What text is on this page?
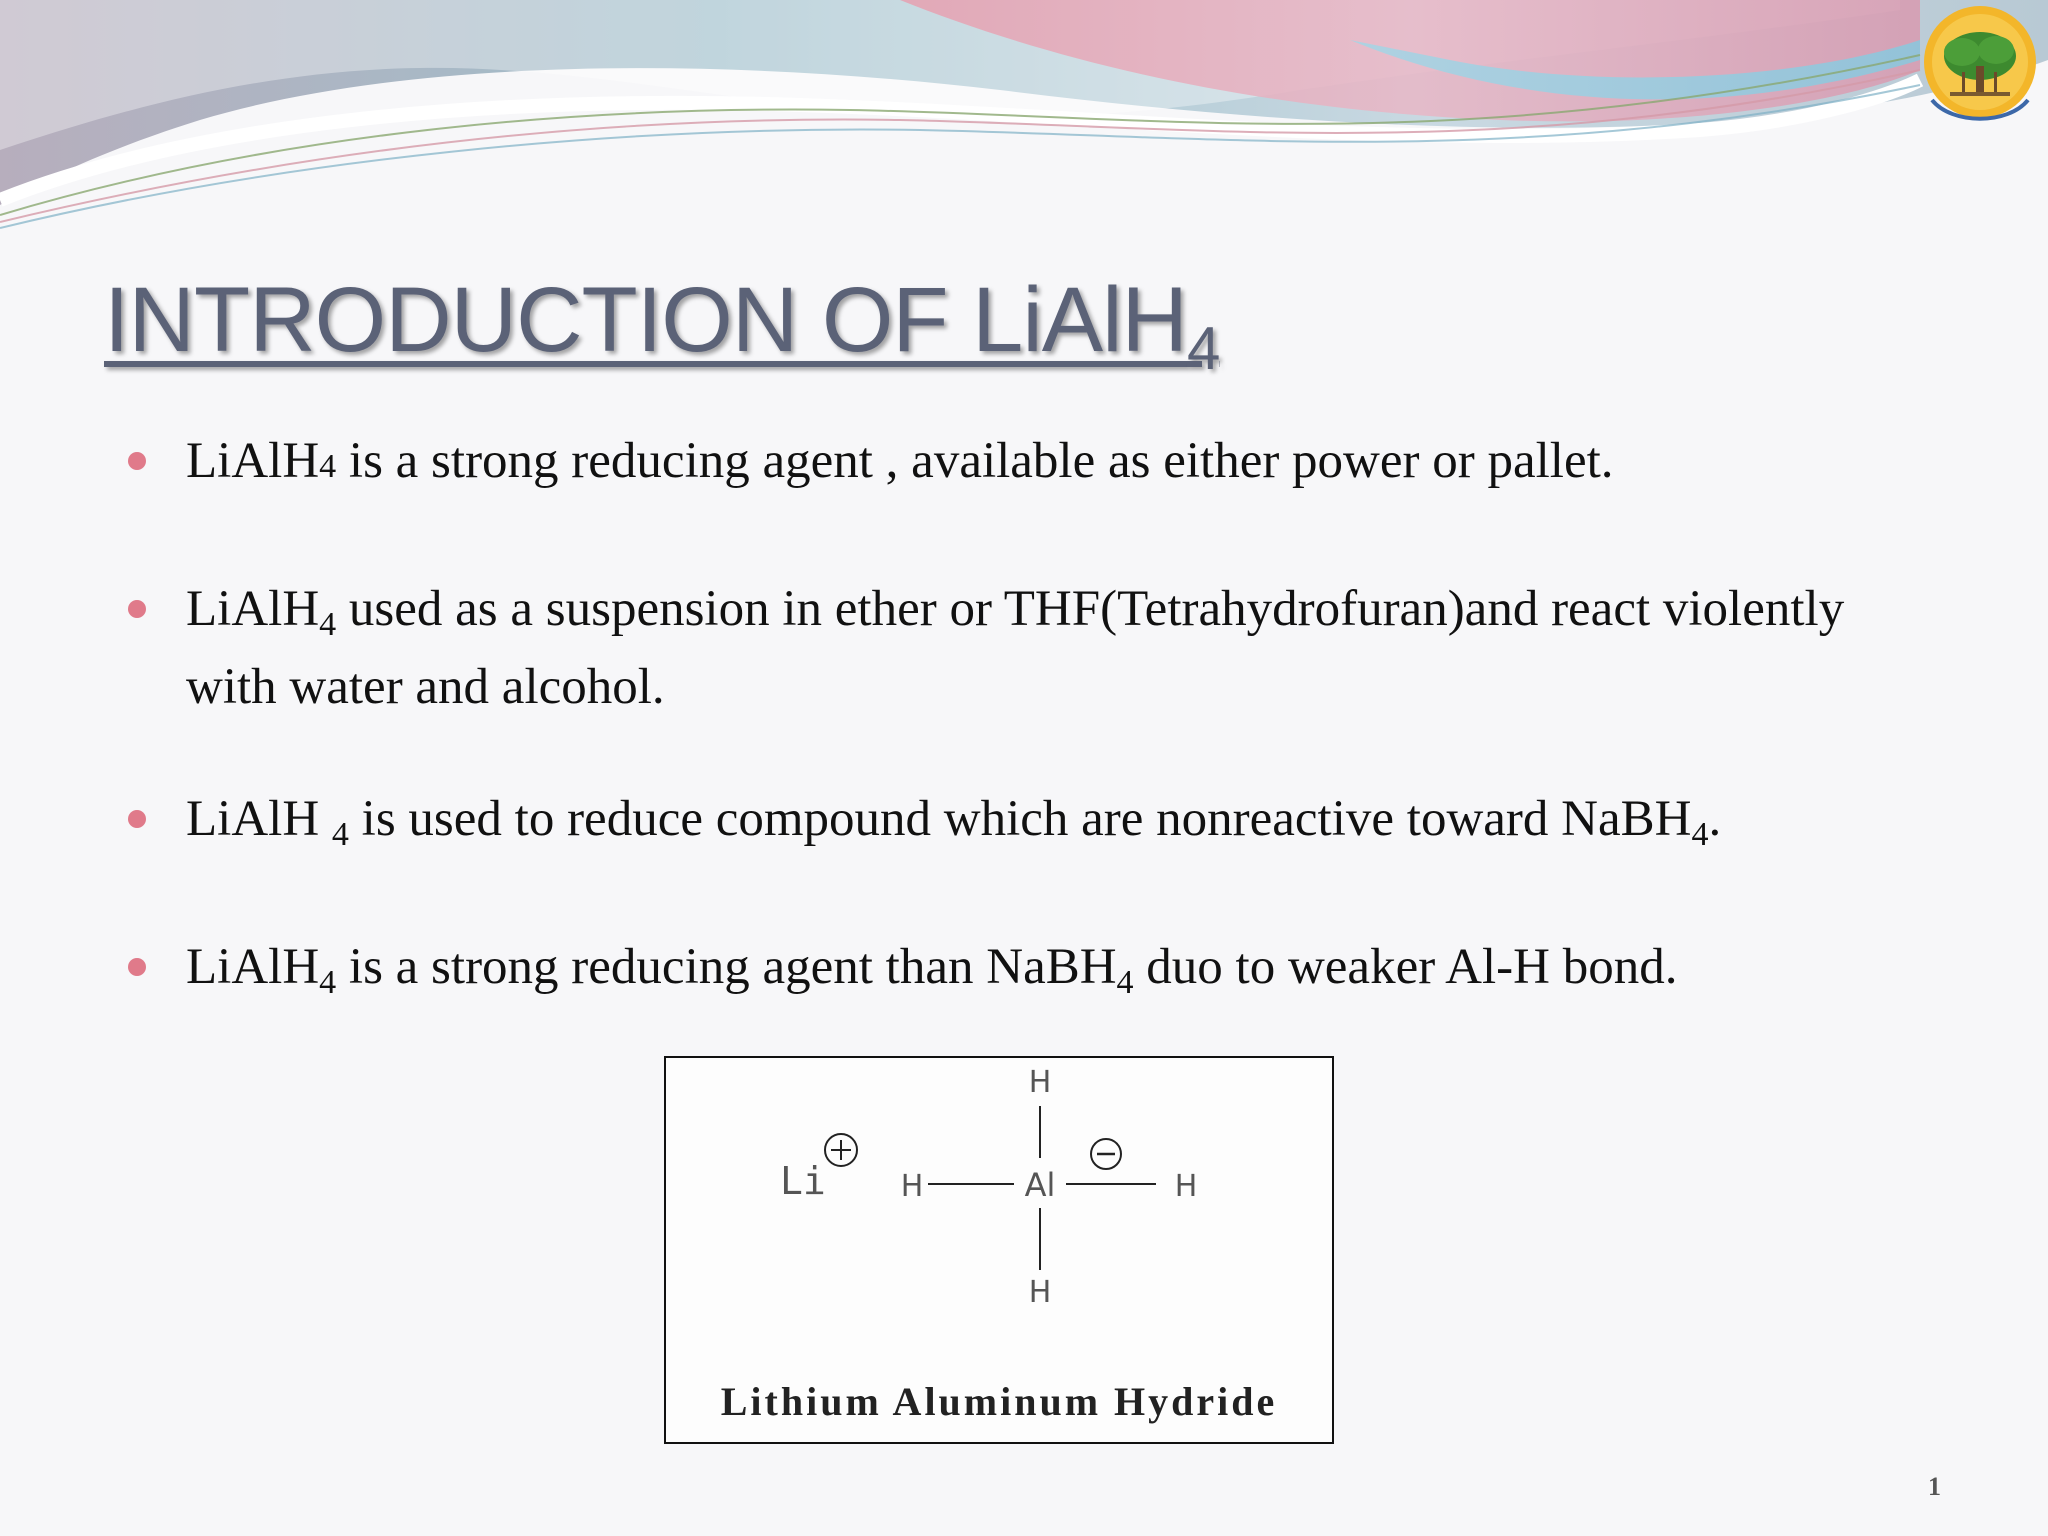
INTRODUCTION OF LiAlH$_4$
LiAlH4 is a strong reducing agent , available as either power or pallet.
LiAlH$_4$ used as a suspension in ether or THF(Tetrahydrofuran)and react violently with water and alcohol.
LiAlH $_4$ is used to reduce compound which are nonreactive toward NaBH$_4$.
LiAlH$_4$ is a strong reducing agent than NaBH$_4$ duo to weaker Al-H bond.
Li	Al
H
H
H	H
Lithium Aluminum Hydride
1
